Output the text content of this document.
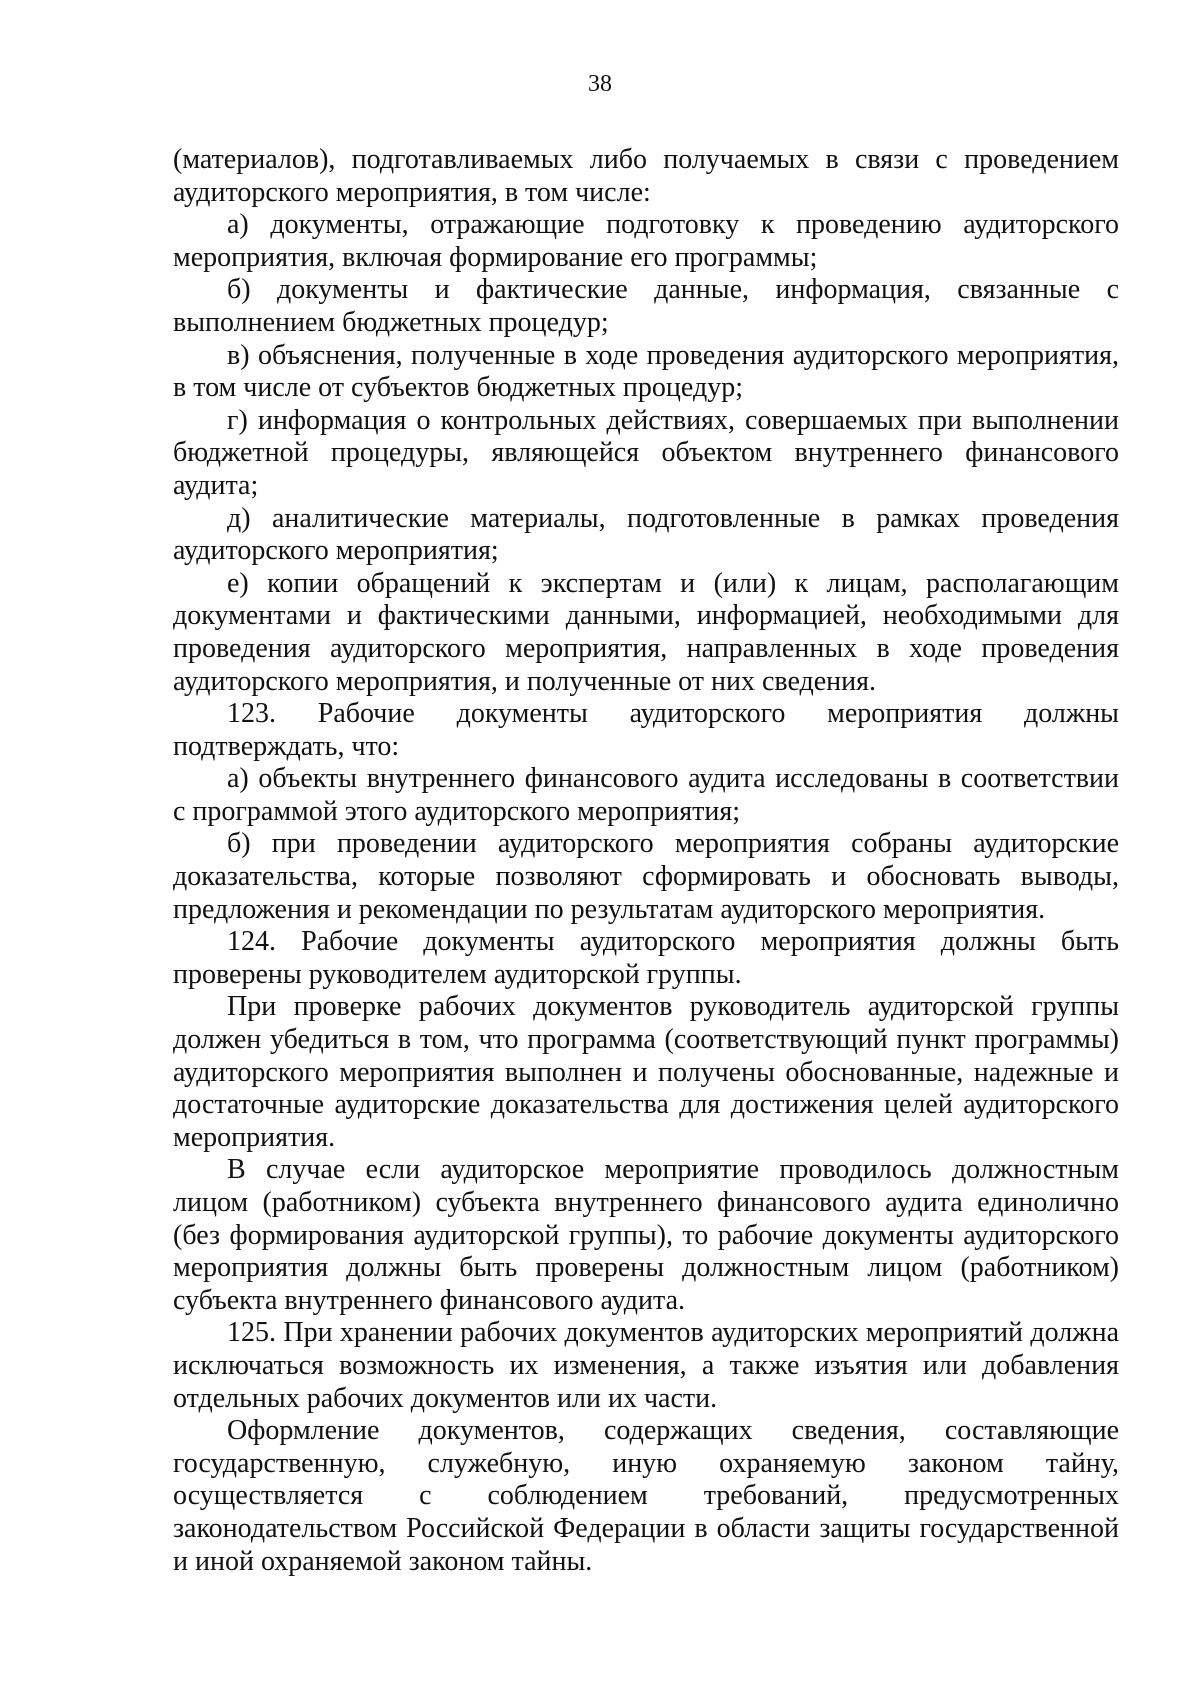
38

(материалов), подготавливаемых либо получаемых в связи с проведением аудиторского мероприятия, в том числе:

а) документы, отражающие подготовку к проведению аудиторского мероприятия, включая формирование его программы;

б) документы и фактические данные, информация, связанные с выполнением бюджетных процедур;

в) объяснения, полученные в ходе проведения аудиторского мероприятия, в том числе от субъектов бюджетных процедур;

г) информация о контрольных действиях, совершаемых при выполнении бюджетной процедуры, являющейся объектом внутреннего финансового аудита;

д) аналитические материалы, подготовленные в рамках проведения аудиторского мероприятия;

е) копии обращений к экспертам и (или) к лицам, располагающим документами и фактическими данными, информацией, необходимыми для проведения аудиторского мероприятия, направленных в ходе проведения аудиторского мероприятия, и полученные от них сведения.

123. Рабочие документы аудиторского мероприятия должны подтверждать, что:

а) объекты внутреннего финансового аудита исследованы в соответствии с программой этого аудиторского мероприятия;

б) при проведении аудиторского мероприятия собраны аудиторские доказательства, которые позволяют сформировать и обосновать выводы, предложения и рекомендации по результатам аудиторского мероприятия.

124. Рабочие документы аудиторского мероприятия должны быть проверены руководителем аудиторской группы.

При проверке рабочих документов руководитель аудиторской группы должен убедиться в том, что программа (соответствующий пункт программы) аудиторского мероприятия выполнен и получены обоснованные, надежные и достаточные аудиторские доказательства для достижения целей аудиторского мероприятия.

В случае если аудиторское мероприятие проводилось должностным лицом (работником) субъекта внутреннего финансового аудита единолично (без формирования аудиторской группы), то рабочие документы аудиторского мероприятия должны быть проверены должностным лицом (работником) субъекта внутреннего финансового аудита.

125. При хранении рабочих документов аудиторских мероприятий должна исключаться возможность их изменения, а также изъятия или добавления отдельных рабочих документов или их части.

Оформление документов, содержащих сведения, составляющие государственную, служебную, иную охраняемую законом тайну, осуществляется с соблюдением требований, предусмотренных законодательством Российской Федерации в области защиты государственной и иной охраняемой законом тайны.
